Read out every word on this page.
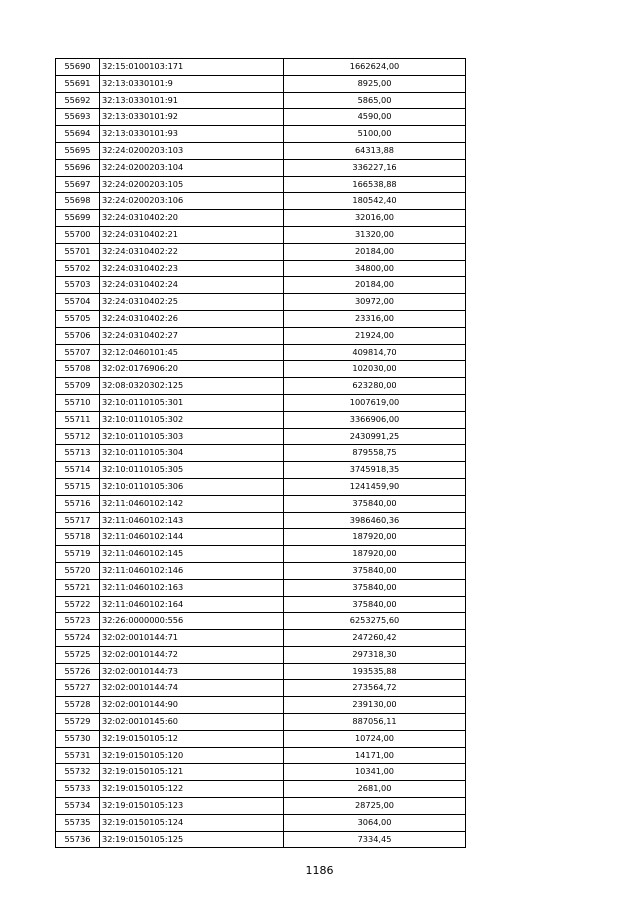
55690	32:15:0100103:171	1662624,00
55691	32:13:0330101:9	8925,00
55692	32:13:0330101:91	5865,00
55693	32:13:0330101:92	4590,00
55694	32:13:0330101:93	5100,00
55695	32:24:0200203:103	64313,88
55696	32:24:0200203:104	336227,16
55697	32:24:0200203:105	166538,88
55698	32:24:0200203:106	180542,40
55699	32:24:0310402:20	32016,00
55700	32:24:0310402:21	31320,00
55701	32:24:0310402:22	20184,00
55702	32:24:0310402:23	34800,00
55703	32:24:0310402:24	20184,00
55704	32:24:0310402:25	30972,00
55705	32:24:0310402:26	23316,00
55706	32:24:0310402:27	21924,00
55707	32:12:0460101:45	409814,70
55708	32:02:0176906:20	102030,00
55709	32:08:0320302:125	623280,00
55710	32:10:0110105:301	1007619,00
55711	32:10:0110105:302	3366906,00
55712	32:10:0110105:303	2430991,25
55713	32:10:0110105:304	879558,75
55714	32:10:0110105:305	3745918,35
55715	32:10:0110105:306	1241459,90
55716	32:11:0460102:142	375840,00
55717	32:11:0460102:143	3986460,36
55718	32:11:0460102:144	187920,00
55719	32:11:0460102:145	187920,00
55720	32:11:0460102:146	375840,00
55721	32:11:0460102:163	375840,00
55722	32:11:0460102:164	375840,00
55723	32:26:0000000:556	6253275,60
55724	32:02:0010144:71	247260,42
55725	32:02:0010144:72	297318,30
55726	32:02:0010144:73	193535,88
55727	32:02:0010144:74	273564,72
55728	32:02:0010144:90	239130,00
55729	32:02:0010145:60	887056,11
55730	32:19:0150105:12	10724,00
55731	32:19:0150105:120	14171,00
55732	32:19:0150105:121	10341,00
55733	32:19:0150105:122	2681,00
55734	32:19:0150105:123	28725,00
55735	32:19:0150105:124	3064,00
55736	32:19:0150105:125	7334,45
1186
